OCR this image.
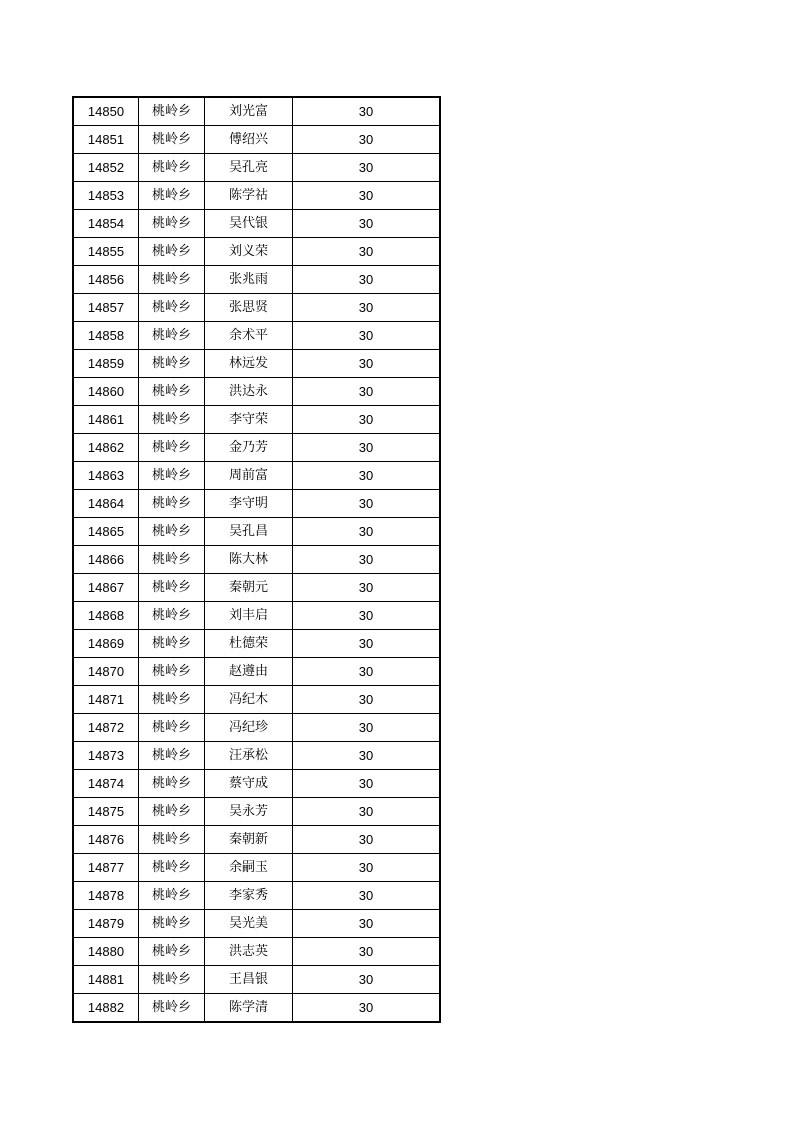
14850	桃岭乡	刘光富	30
14851	桃岭乡	傅绍兴	30
14852	桃岭乡	吴孔亮	30
14853	桃岭乡	陈学祜	30
14854	桃岭乡	吴代银	30
14855	桃岭乡	刘义荣	30
14856	桃岭乡	张兆雨	30
14857	桃岭乡	张思贤	30
14858	桃岭乡	余术平	30
14859	桃岭乡	林远发	30
14860	桃岭乡	洪达永	30
14861	桃岭乡	李守荣	30
14862	桃岭乡	金乃芳	30
14863	桃岭乡	周前富	30
14864	桃岭乡	李守明	30
14865	桃岭乡	吴孔昌	30
14866	桃岭乡	陈大林	30
14867	桃岭乡	秦朝元	30
14868	桃岭乡	刘丰启	30
14869	桃岭乡	杜德荣	30
14870	桃岭乡	赵遵由	30
14871	桃岭乡	冯纪木	30
14872	桃岭乡	冯纪珍	30
14873	桃岭乡	汪承松	30
14874	桃岭乡	蔡守成	30
14875	桃岭乡	吴永芳	30
14876	桃岭乡	秦朝新	30
14877	桃岭乡	余嗣玉	30
14878	桃岭乡	李家秀	30
14879	桃岭乡	吴光美	30
14880	桃岭乡	洪志英	30
14881	桃岭乡	王昌银	30
14882	桃岭乡	陈学清	30
